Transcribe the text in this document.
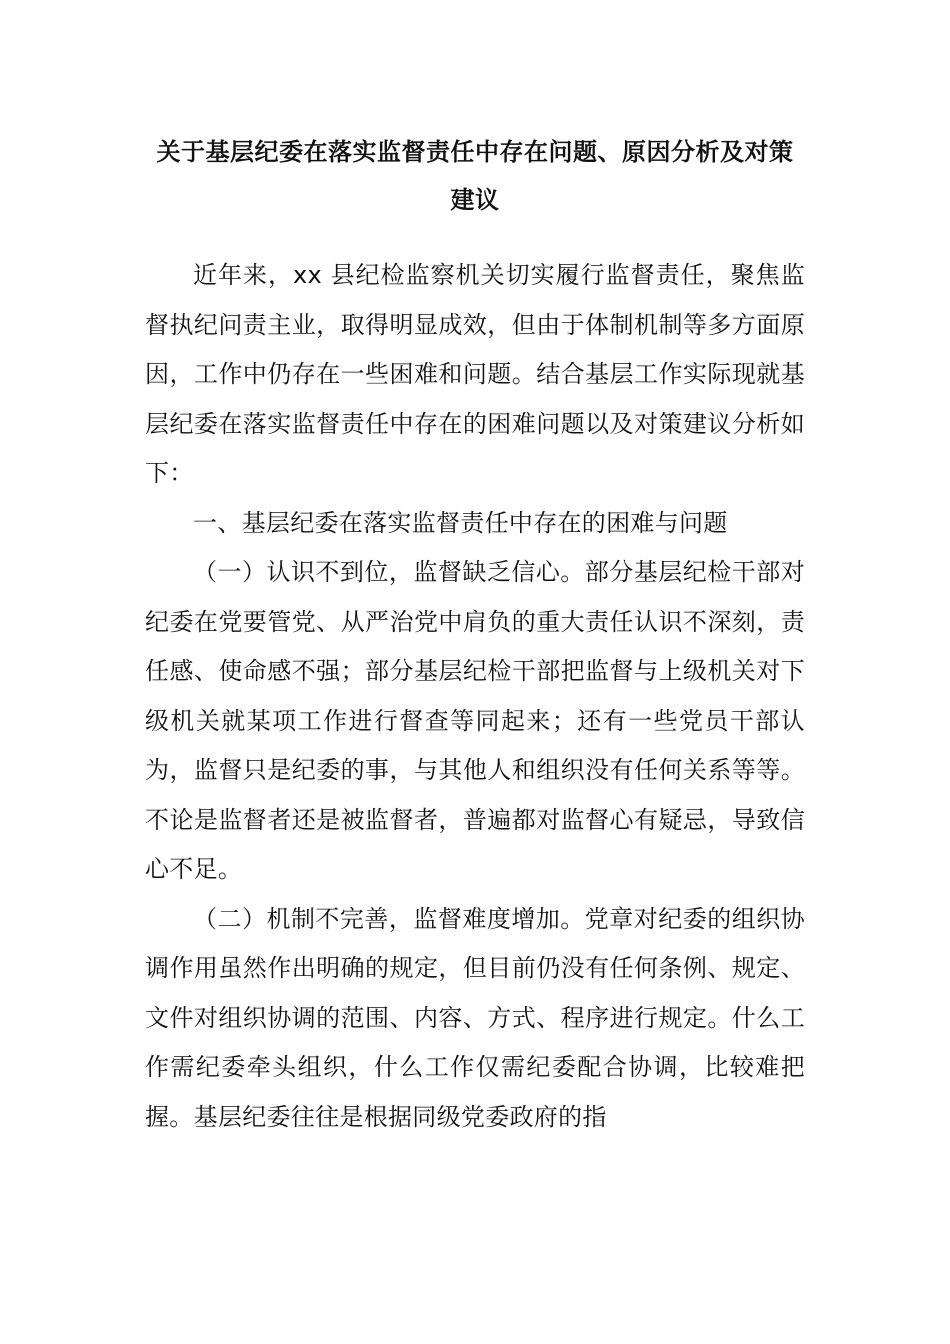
关于基层纪委在落实监督责任中存在问题、原因分析及对策建议

近年来，xx 县纪检监察机关切实履行监督责任，聚焦监督执纪问责主业，取得明显成效，但由于体制机制等多方面原因，工作中仍存在一些困难和问题。结合基层工作实际现就基层纪委在落实监督责任中存在的困难问题以及对策建议分析如下：

一、基层纪委在落实监督责任中存在的困难与问题

（一）认识不到位，监督缺乏信心。部分基层纪检干部对纪委在党要管党、从严治党中肩负的重大责任认识不深刻，责任感、使命感不强；部分基层纪检干部把监督与上级机关对下级机关就某项工作进行督查等同起来；还有一些党员干部认为，监督只是纪委的事，与其他人和组织没有任何关系等等。不论是监督者还是被监督者，普遍都对监督心有疑忌，导致信心不足。

（二）机制不完善，监督难度增加。党章对纪委的组织协调作用虽然作出明确的规定，但目前仍没有任何条例、规定、文件对组织协调的范围、内容、方式、程序进行规定。什么工作需纪委牵头组织，什么工作仅需纪委配合协调，比较难把握。基层纪委往往是根据同级党委政府的指
